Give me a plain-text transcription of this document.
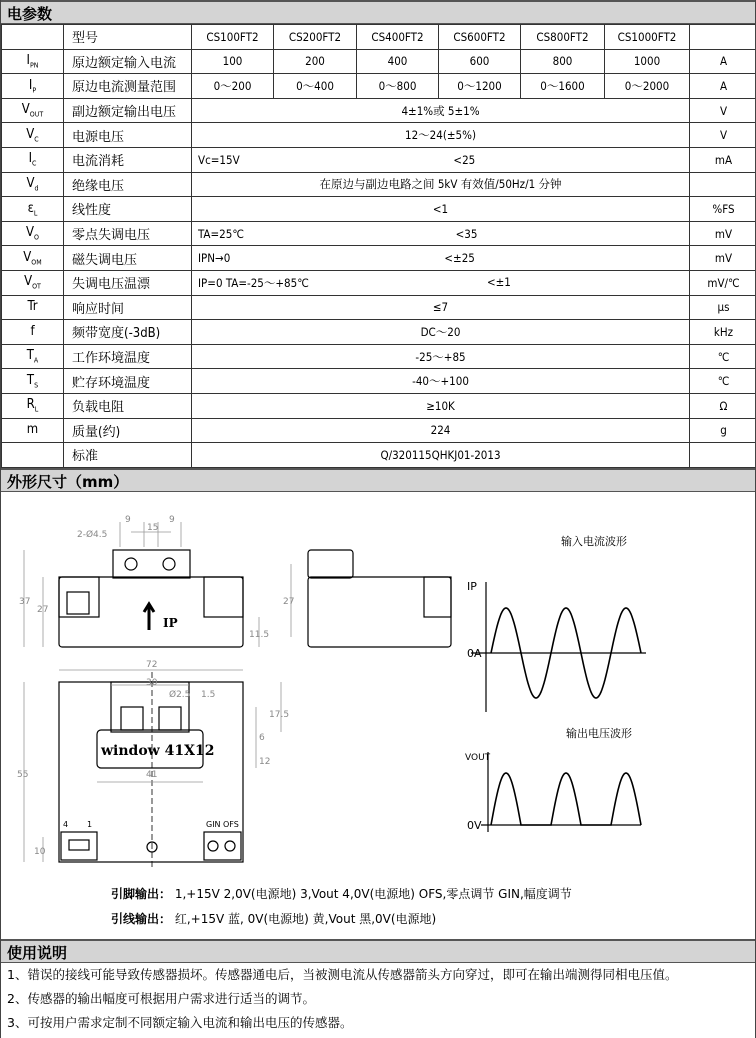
电参数
	型号	CS100FT2	CS200FT2	CS400FT2	CS600FT2	CS800FT2	CS1000FT2	
$I_{PN}$	原边额定输入电流	100	200	400	600	800	1000	A
$I_P$	原边电流测量范围	0～200	0～400	0～800	0～1200	0～1600	0～2000	A
$V_{OUT}$	副边额定输出电压	4±1%或 5±1%						V
$V_C$	电源电压	12～24(±5%)						V
$I_C$	电流消耗	Vc=15V <25						mA
$V_d$	绝缘电压	在原边与副边电路之间 5kV 有效值/50Hz/1 分钟						
$\varepsilon_L$	线性度	<1						%FS
$V_O$	零点失调电压	TA=25℃ <35						mV
$V_{OM}$	磁失调电压	IPN→0 <±25						mV
$V_{OT}$	失调电压温漂	IP=0 TA=-25～+85℃ <±1						mV/℃
Tr	响应时间	≤7						μs
f	频带宽度(-3dB)	DC～20						kHz
$T_A$	工作环境温度	-25～+85						℃
$T_S$	贮存环境温度	-40～+100						℃
$R_L$	负载电阻	≥10K						Ω
m	质量(约)	224						g
	标准	Q/320115QHKJ01-2013						
外形尺寸（mm）
9	9
15
2-Ø4.5
37
27
11.5
27
72
30
Ø2.5 1.5
17.5
6
12
55	41
10
4 1	GIN OFS
window 41X12
IP
输入电流波形
IP
0A
输出电压波形
VOUT
0V
引脚输出： 1,+15V 2,0V(电源地) 3,Vout 4,0V(电源地) OFS,零点调节 GIN,幅度调节
引线输出： 红,+15V 蓝, 0V(电源地) 黄,Vout 黑,0V(电源地)
使用说明
1、错误的接线可能导致传感器损坏。传感器通电后，当被测电流从传感器箭头方向穿过，即可在输出端测得同相电压值。
2、传感器的输出幅度可根据用户需求进行适当的调节。
3、可按用户需求定制不同额定输入电流和输出电压的传感器。
